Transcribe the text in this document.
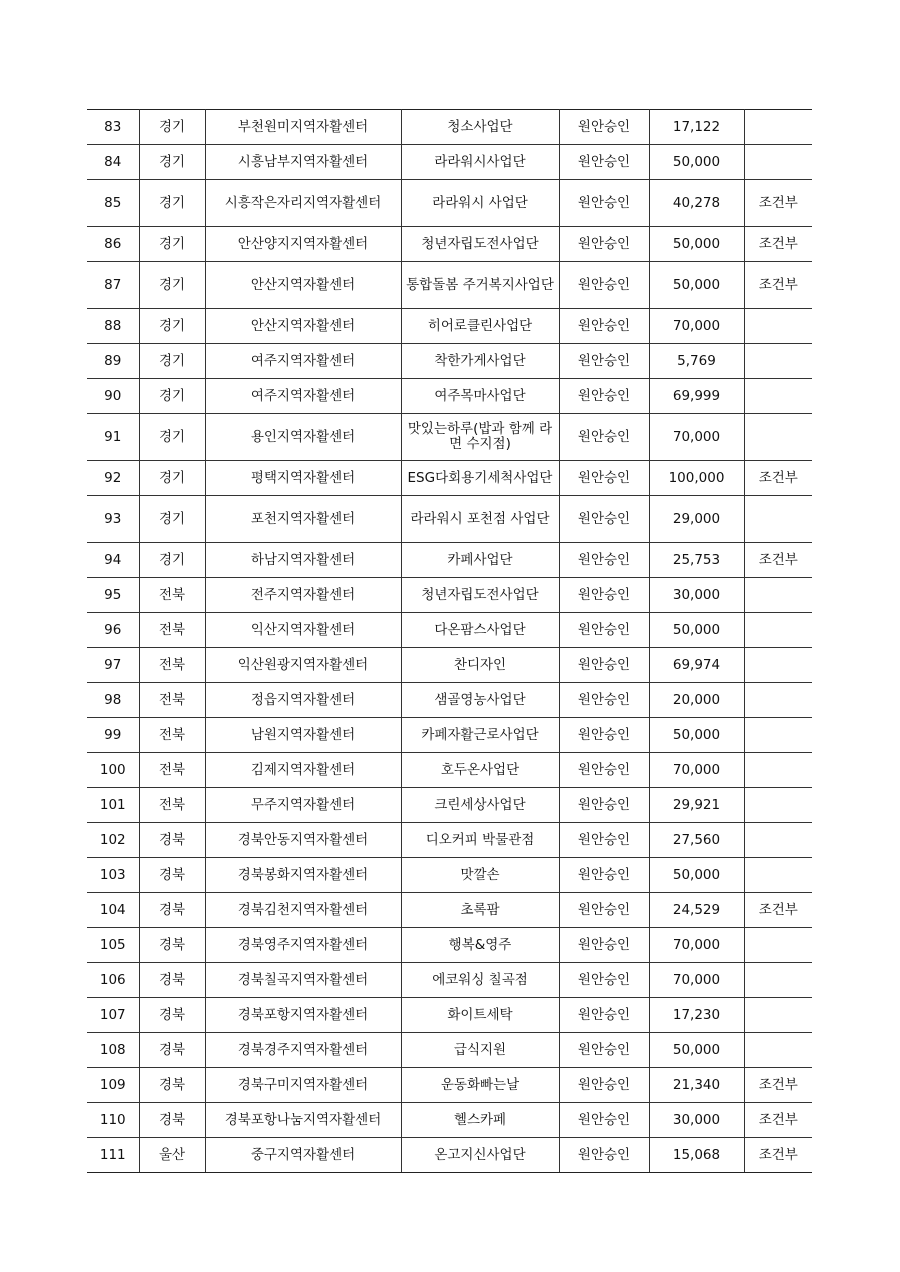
83	경기	부천원미지역자활센터	청소사업단	원안승인	17,122	
84	경기	시흥남부지역자활센터	라라워시사업단	원안승인	50,000	
85	경기	시흥작은자리지역자활센터	라라워시 사업단	원안승인	40,278	조건부
86	경기	안산양지지역자활센터	청년자립도전사업단	원안승인	50,000	조건부
87	경기	안산지역자활센터	통합돌봄 주거복지사업단	원안승인	50,000	조건부
88	경기	안산지역자활센터	히어로클린사업단	원안승인	70,000	
89	경기	여주지역자활센터	착한가게사업단	원안승인	5,769	
90	경기	여주지역자활센터	여주목마사업단	원안승인	69,999	
91	경기	용인지역자활센터	맛있는하루(밥과 함께 라면 수지점)	원안승인	70,000	
92	경기	평택지역자활센터	ESG다회용기세척사업단	원안승인	100,000	조건부
93	경기	포천지역자활센터	라라워시 포천점 사업단	원안승인	29,000	
94	경기	하남지역자활센터	카페사업단	원안승인	25,753	조건부
95	전북	전주지역자활센터	청년자립도전사업단	원안승인	30,000	
96	전북	익산지역자활센터	다온팜스사업단	원안승인	50,000	
97	전북	익산원광지역자활센터	찬디자인	원안승인	69,974	
98	전북	정읍지역자활센터	샘골영농사업단	원안승인	20,000	
99	전북	남원지역자활센터	카페자활근로사업단	원안승인	50,000	
100	전북	김제지역자활센터	호두온사업단	원안승인	70,000	
101	전북	무주지역자활센터	크린세상사업단	원안승인	29,921	
102	경북	경북안동지역자활센터	디오커피 박물관점	원안승인	27,560	
103	경북	경북봉화지역자활센터	맛깔손	원안승인	50,000	
104	경북	경북김천지역자활센터	초록팜	원안승인	24,529	조건부
105	경북	경북영주지역자활센터	행복&영주	원안승인	70,000	
106	경북	경북칠곡지역자활센터	에코워싱 칠곡점	원안승인	70,000	
107	경북	경북포항지역자활센터	화이트세탁	원안승인	17,230	
108	경북	경북경주지역자활센터	급식지원	원안승인	50,000	
109	경북	경북구미지역자활센터	운동화빠는날	원안승인	21,340	조건부
110	경북	경북포항나눔지역자활센터	헬스카페	원안승인	30,000	조건부
111	울산	중구지역자활센터	온고지신사업단	원안승인	15,068	조건부
